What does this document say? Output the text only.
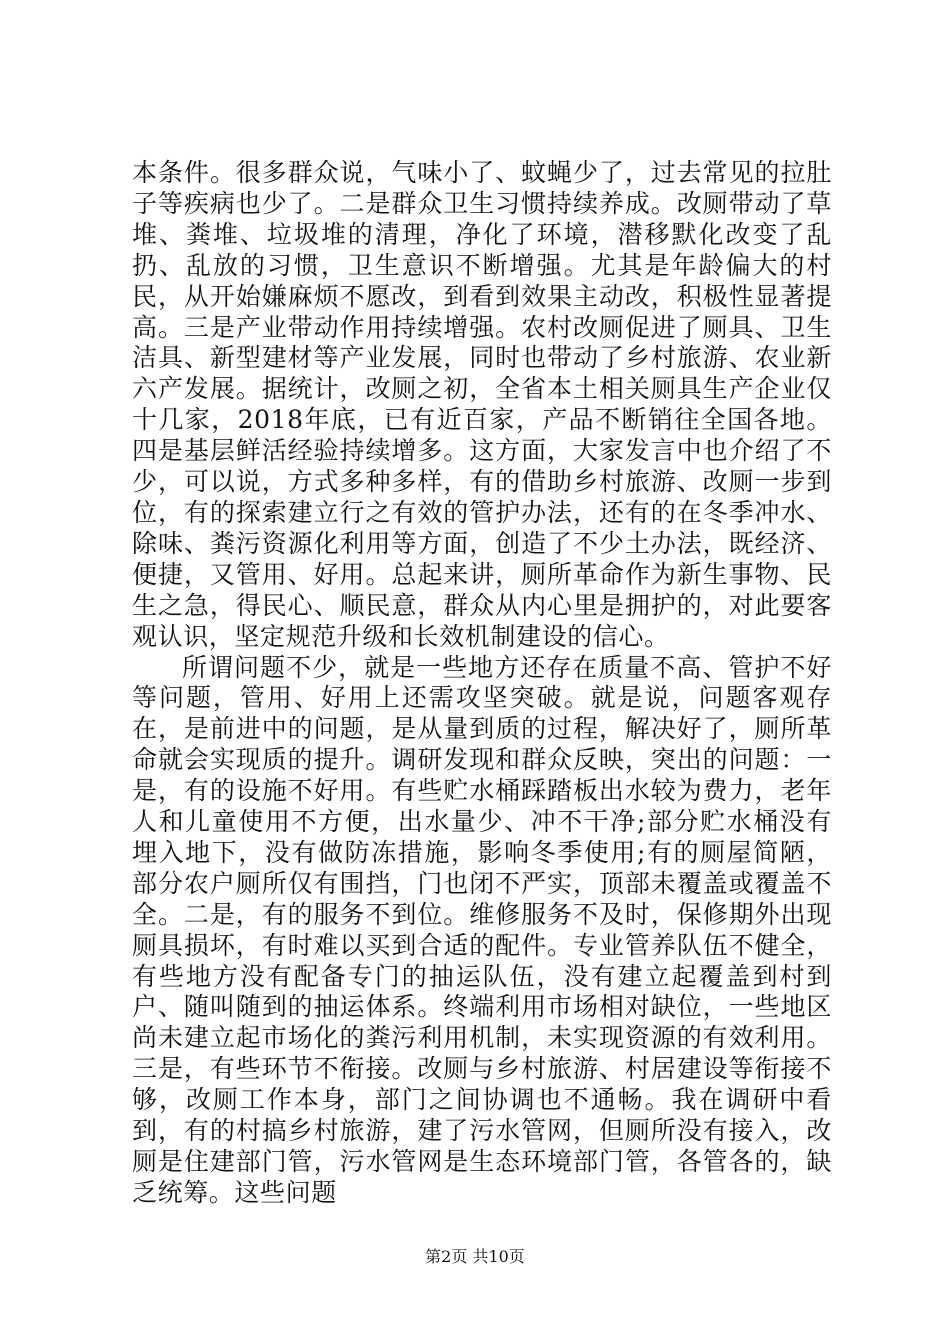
本条件。很多群众说，气味小了、蚊蝇少了，过去常见的拉肚子等疾病也少了。二是群众卫生习惯持续养成。改厕带动了草堆、粪堆、垃圾堆的清理，净化了环境，潜移默化改变了乱扔、乱放的习惯，卫生意识不断增强。尤其是年龄偏大的村民，从开始嫌麻烦不愿改，到看到效果主动改，积极性显著提高。三是产业带动作用持续增强。农村改厕促进了厕具、卫生洁具、新型建材等产业发展，同时也带动了乡村旅游、农业新六产发展。据统计，改厕之初，全省本土相关厕具生产企业仅十几家，2018年底，已有近百家，产品不断销往全国各地。四是基层鲜活经验持续增多。这方面，大家发言中也介绍了不少，可以说，方式多种多样，有的借助乡村旅游、改厕一步到位，有的探索建立行之有效的管护办法，还有的在冬季冲水、除味、粪污资源化利用等方面，创造了不少土办法，既经济、便捷，又管用、好用。总起来讲，厕所革命作为新生事物、民生之急，得民心、顺民意，群众从内心里是拥护的，对此要客观认识，坚定规范升级和长效机制建设的信心。

所谓问题不少，就是一些地方还存在质量不高、管护不好等问题，管用、好用上还需攻坚突破。就是说，问题客观存在，是前进中的问题，是从量到质的过程，解决好了，厕所革命就会实现质的提升。调研发现和群众反映，突出的问题：一是，有的设施不好用。有些贮水桶踩踏板出水较为费力，老年人和儿童使用不方便，出水量少、冲不干净;部分贮水桶没有埋入地下，没有做防冻措施，影响冬季使用;有的厕屋简陋，部分农户厕所仅有围挡，门也闭不严实，顶部未覆盖或覆盖不全。二是，有的服务不到位。维修服务不及时，保修期外出现厕具损坏，有时难以买到合适的配件。专业管养队伍不健全，有些地方没有配备专门的抽运队伍，没有建立起覆盖到村到户、随叫随到的抽运体系。终端利用市场相对缺位，一些地区尚未建立起市场化的粪污利用机制，未实现资源的有效利用。三是，有些环节不衔接。改厕与乡村旅游、村居建设等衔接不够，改厕工作本身，部门之间协调也不通畅。我在调研中看到，有的村搞乡村旅游，建了污水管网，但厕所没有接入，改厕是住建部门管，污水管网是生态环境部门管，各管各的，缺乏统筹。这些问题

第2页 共10页
